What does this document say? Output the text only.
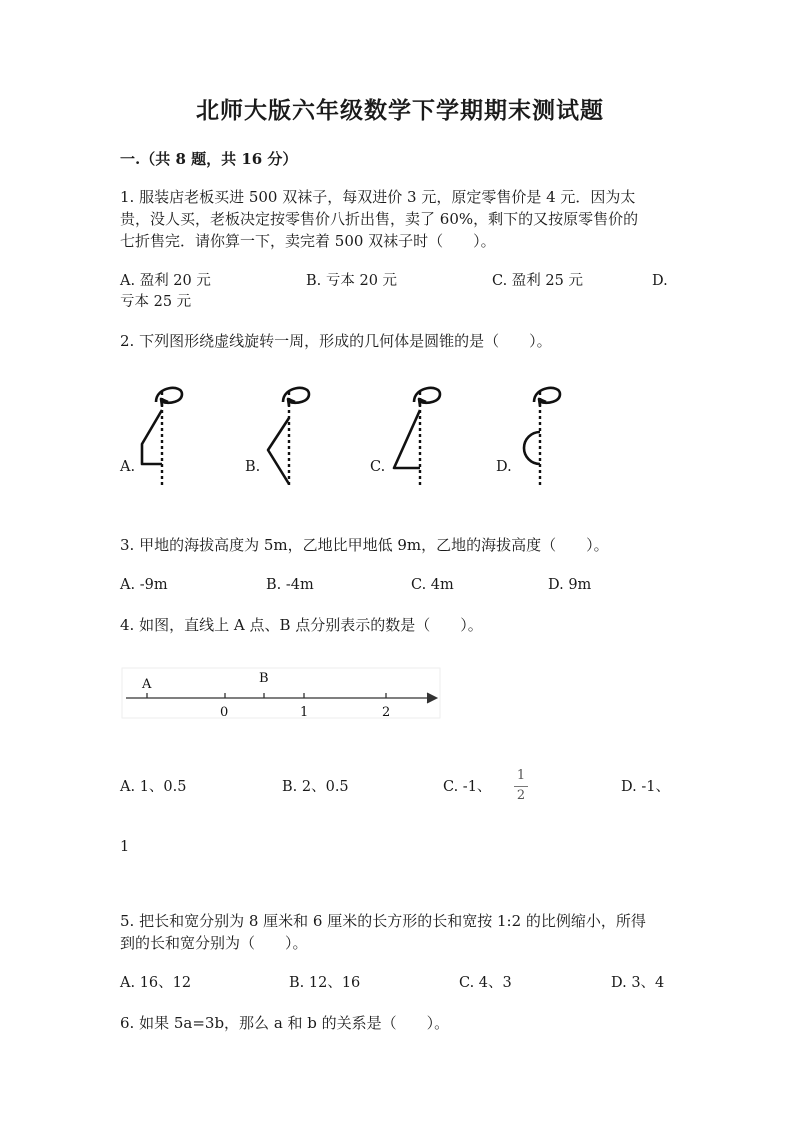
北师大版六年级数学下学期期末测试题
一.（共 8 题，共 16 分）
1. 服装店老板买进 500 双袜子，每双进价 3 元，原定零售价是 4 元．因为太
贵，没人买，老板决定按零售价八折出售，卖了 60%，剩下的又按原零售价的
七折售完．请你算一下，卖完着 500 双袜子时（　　）。
A. 盈利 20 元	B. 亏本 20 元	C. 盈利 25 元	D.
亏本 25 元
2. 下列图形绕虚线旋转一周，形成的几何体是圆锥的是（　　）。
A.	B.	C.	D.
3. 甲地的海拔高度为 5m，乙地比甲地低 9m，乙地的海拔高度（　　）。
A. -9m	B. -4m	C. 4m	D. 9m
4. 如图，直线上 A 点、B 点分别表示的数是（　　）。
A	B
0	1	2
A. 1、0.5	B. 2、0.5	C. -1、
1
2
D. -1、
1
5. 把长和宽分别为 8 厘米和 6 厘米的长方形的长和宽按 1:2 的比例缩小，所得
到的长和宽分别为（　　）。
A. 16、12	B. 12、16	C. 4、3	D. 3、4
6. 如果 5a=3b，那么 a 和 b 的关系是（　　）。
